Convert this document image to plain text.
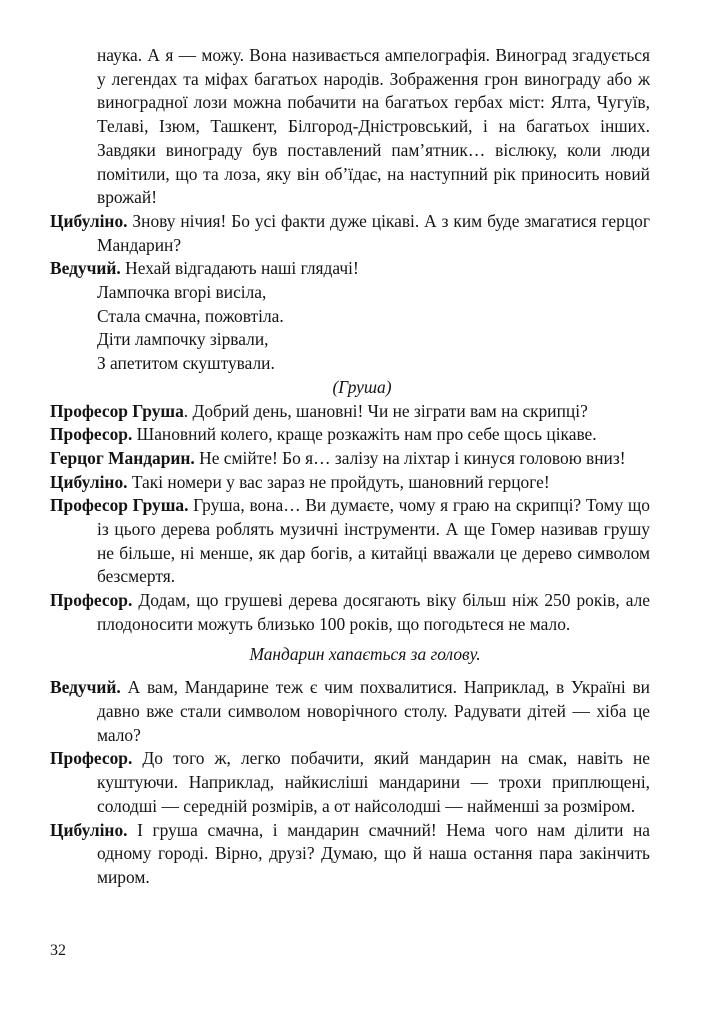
наука. А я — можу. Вона називається ампелографія. Виноград згадується у легендах та міфах багатьох народів. Зображення грон винограду або ж виноградної лози можна побачити на багатьох гербах міст: Ялта, Чугуїв, Телаві, Ізюм, Ташкент, Білгород-Дністровський, і на багатьох інших. Завдяки винограду був поставлений пам’ятник… віслюку, коли люди помітили, що та лоза, яку він об’їдає, на наступний рік приносить новий врожай!

Цибуліно. Знову нічия! Бо усі факти дуже цікаві. А з ким буде змагатися герцог Мандарин?

Ведучий. Нехай відгадають наші глядачі!

Лампочка вгорі висіла,
Стала смачна, пожовтіла.
Діти лампочку зірвали,
З апетитом скуштували.
(Груша)

Професор Груша. Добрий день, шановні! Чи не зіграти вам на скрипці?

Професор. Шановний колего, краще розкажіть нам про себе щось цікаве.

Герцог Мандарин. Не смійте! Бо я… залізу на ліхтар і кинуся головою вниз!

Цибуліно. Такі номери у вас зараз не пройдуть, шановний герцоге!

Професор Груша. Груша, вона… Ви думаєте, чому я граю на скрипці? Тому що із цього дерева роблять музичні інструменти. А ще Гомер називав грушу не більше, ні менше, як дар богів, а китайці вважали це дерево символом безсмертя.

Професор. Додам, що грушеві дерева досягають віку більш ніж 250 років, але плодоносити можуть близько 100 років, що погодьтеся не мало.

Мандарин хапається за голову.

Ведучий. А вам, Мандарине теж є чим похвалитися. Наприклад, в Україні ви давно вже стали символом новорічного столу. Радувати дітей — хіба це мало?

Професор. До того ж, легко побачити, який мандарин на смак, навіть не куштуючи. Наприклад, найкисліші мандарини — трохи приплющені, солодші — середній розмірів, а от найсолодші — найменші за розміром.

Цибуліно. І груша смачна, і мандарин смачний! Нема чого нам ділити на одному городі. Вірно, друзі? Думаю, що й наша остання пара закінчить миром.

32
